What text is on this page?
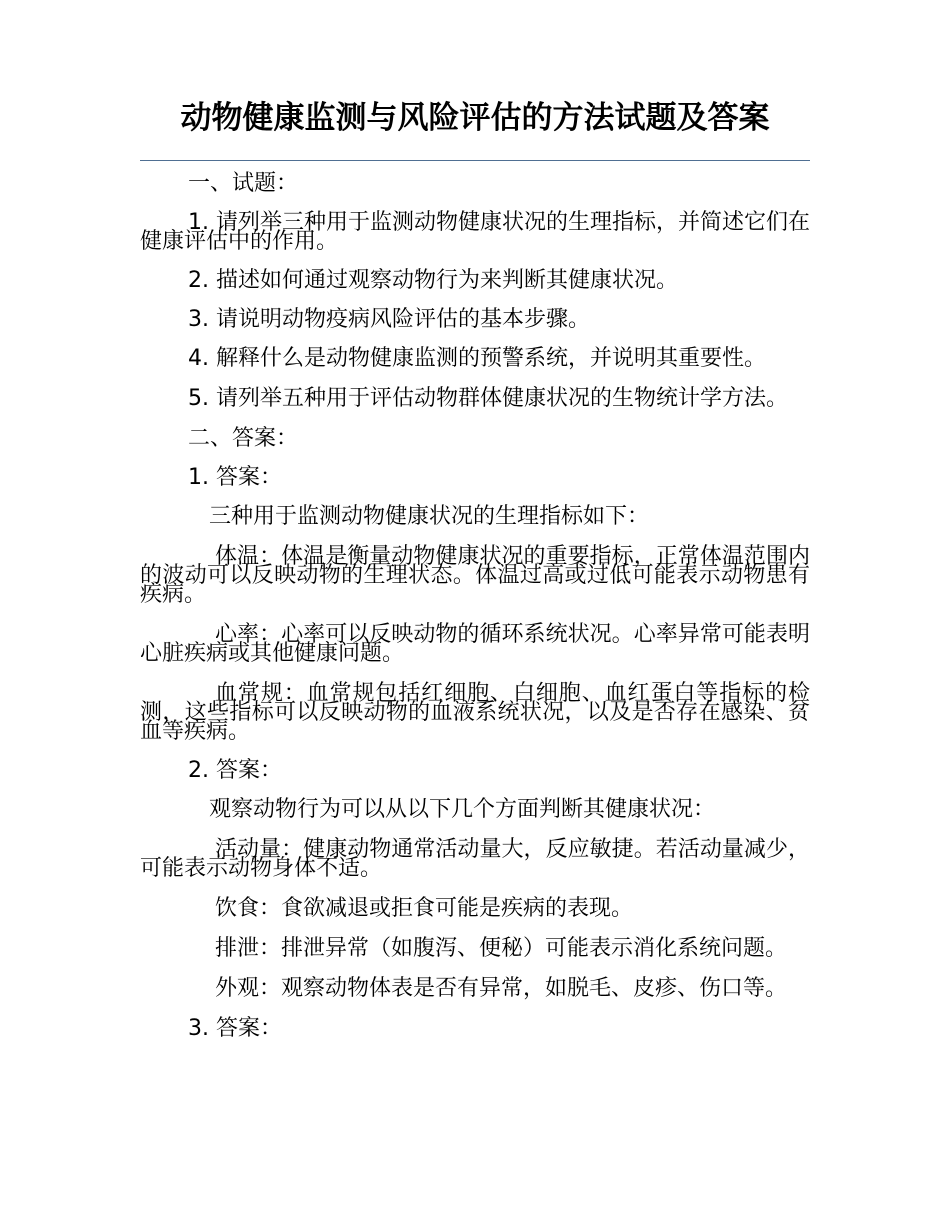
动物健康监测与风险评估的方法试题及答案

一、试题：

1. 请列举三种用于监测动物健康状况的生理指标，并简述它们在健康评估中的作用。

2. 描述如何通过观察动物行为来判断其健康状况。

3. 请说明动物疫病风险评估的基本步骤。

4. 解释什么是动物健康监测的预警系统，并说明其重要性。

5. 请列举五种用于评估动物群体健康状况的生物统计学方法。

二、答案：

1. 答案：

三种用于监测动物健康状况的生理指标如下：

体温：体温是衡量动物健康状况的重要指标，正常体温范围内的波动可以反映动物的生理状态。体温过高或过低可能表示动物患有疾病。

心率：心率可以反映动物的循环系统状况。心率异常可能表明心脏疾病或其他健康问题。

血常规：血常规包括红细胞、白细胞、血红蛋白等指标的检测，这些指标可以反映动物的血液系统状况，以及是否存在感染、贫血等疾病。

2. 答案：

观察动物行为可以从以下几个方面判断其健康状况：

活动量：健康动物通常活动量大，反应敏捷。若活动量减少，可能表示动物身体不适。

饮食：食欲减退或拒食可能是疾病的表现。

排泄：排泄异常（如腹泻、便秘）可能表示消化系统问题。

外观：观察动物体表是否有异常，如脱毛、皮疹、伤口等。

3. 答案：
